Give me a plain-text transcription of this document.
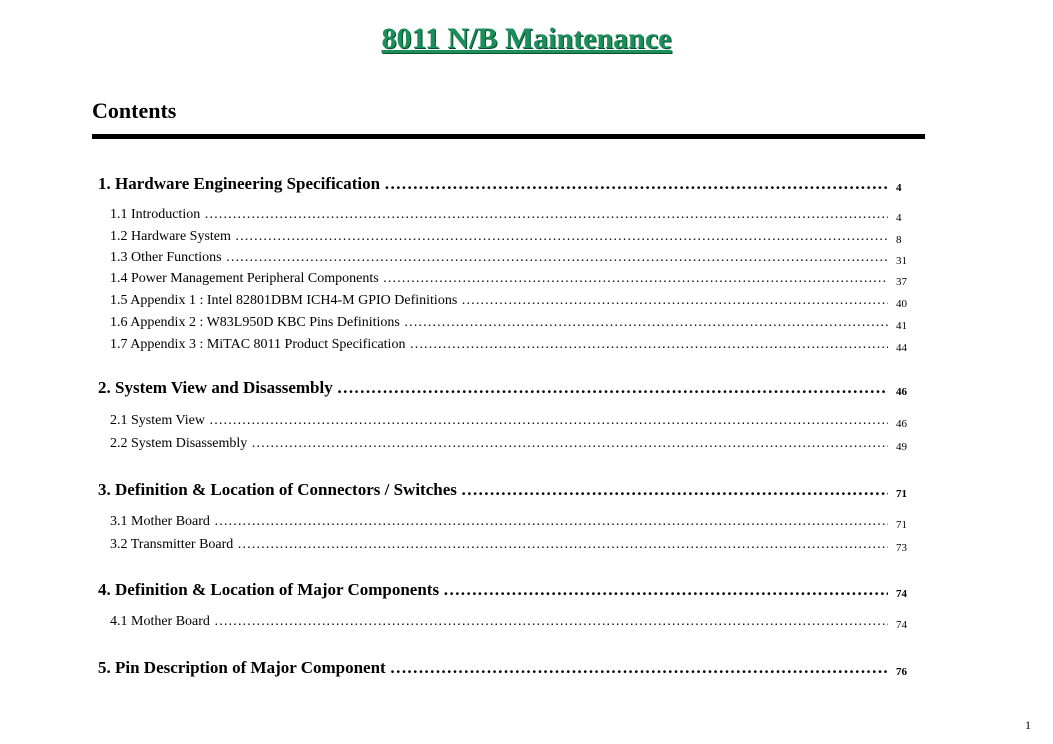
8011 N/B Maintenance
Contents
1. Hardware Engineering Specification ……………………………………………………………………………………………………………………………………………………………………………	4
1.1 Introduction ……………………………………………………………………………………………………………………………………………………………………………	4
1.2 Hardware System ……………………………………………………………………………………………………………………………………………………………………………	8
1.3 Other Functions ……………………………………………………………………………………………………………………………………………………………………………	31
1.4 Power Management Peripheral Components ……………………………………………………………………………………………………………………………………………………………………………	37
1.5 Appendix 1 : Intel 82801DBM ICH4-M GPIO Definitions ……………………………………………………………………………………………………………………………………………………………………………	40
1.6 Appendix 2 : W83L950D KBC Pins Definitions ……………………………………………………………………………………………………………………………………………………………………………	41
1.7 Appendix 3 : MiTAC 8011 Product Specification ……………………………………………………………………………………………………………………………………………………………………………	44
2. System View and Disassembly ……………………………………………………………………………………………………………………………………………………………………………	46
2.1 System View ……………………………………………………………………………………………………………………………………………………………………………	46
2.2 System Disassembly ……………………………………………………………………………………………………………………………………………………………………………	49
3. Definition & Location of Connectors / Switches ……………………………………………………………………………………………………………………………………………………………………………	71
3.1 Mother Board ……………………………………………………………………………………………………………………………………………………………………………	71
3.2 Transmitter Board ……………………………………………………………………………………………………………………………………………………………………………	73
4. Definition & Location of Major Components ……………………………………………………………………………………………………………………………………………………………………………	74
4.1 Mother Board ……………………………………………………………………………………………………………………………………………………………………………	74
5. Pin Description of Major Component ……………………………………………………………………………………………………………………………………………………………………………	76
1
